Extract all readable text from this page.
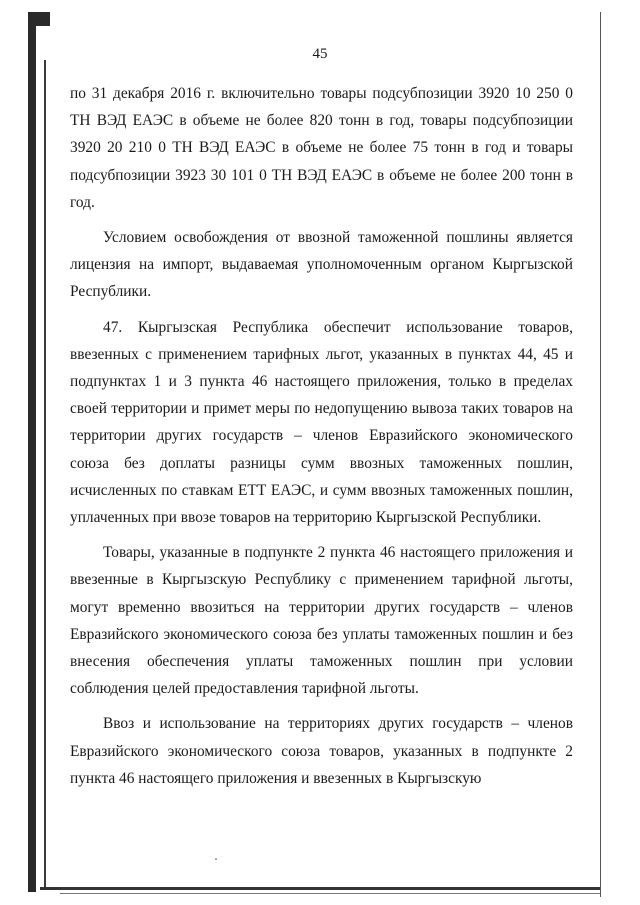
45

по 31 декабря 2016 г. включительно товары подсубпозиции 3920 10 250 0 ТН ВЭД ЕАЭС в объеме не более 820 тонн в год, товары подсубпозиции 3920 20 210 0 ТН ВЭД ЕАЭС в объеме не более 75 тонн в год и товары подсубпозиции 3923 30 101 0 ТН ВЭД ЕАЭС в объеме не более 200 тонн в год.

Условием освобождения от ввозной таможенной пошлины является лицензия на импорт, выдаваемая уполномоченным органом Кыргызской Республики.

47. Кыргызская Республика обеспечит использование товаров, ввезенных с применением тарифных льгот, указанных в пунктах 44, 45 и подпунктах 1 и 3 пункта 46 настоящего приложения, только в пределах своей территории и примет меры по недопущению вывоза таких товаров на территории других государств – членов Евразийского экономического союза без доплаты разницы сумм ввозных таможенных пошлин, исчисленных по ставкам ЕТТ ЕАЭС, и сумм ввозных таможенных пошлин, уплаченных при ввозе товаров на территорию Кыргызской Республики.

Товары, указанные в подпункте 2 пункта 46 настоящего приложения и ввезенные в Кыргызскую Республику с применением тарифной льготы, могут временно ввозиться на территории других государств – членов Евразийского экономического союза без уплаты таможенных пошлин и без внесения обеспечения уплаты таможенных пошлин при условии соблюдения целей предоставления тарифной льготы.

Ввоз и использование на территориях других государств – членов Евразийского экономического союза товаров, указанных в подпункте 2 пункта 46 настоящего приложения и ввезенных в Кыргызскую
